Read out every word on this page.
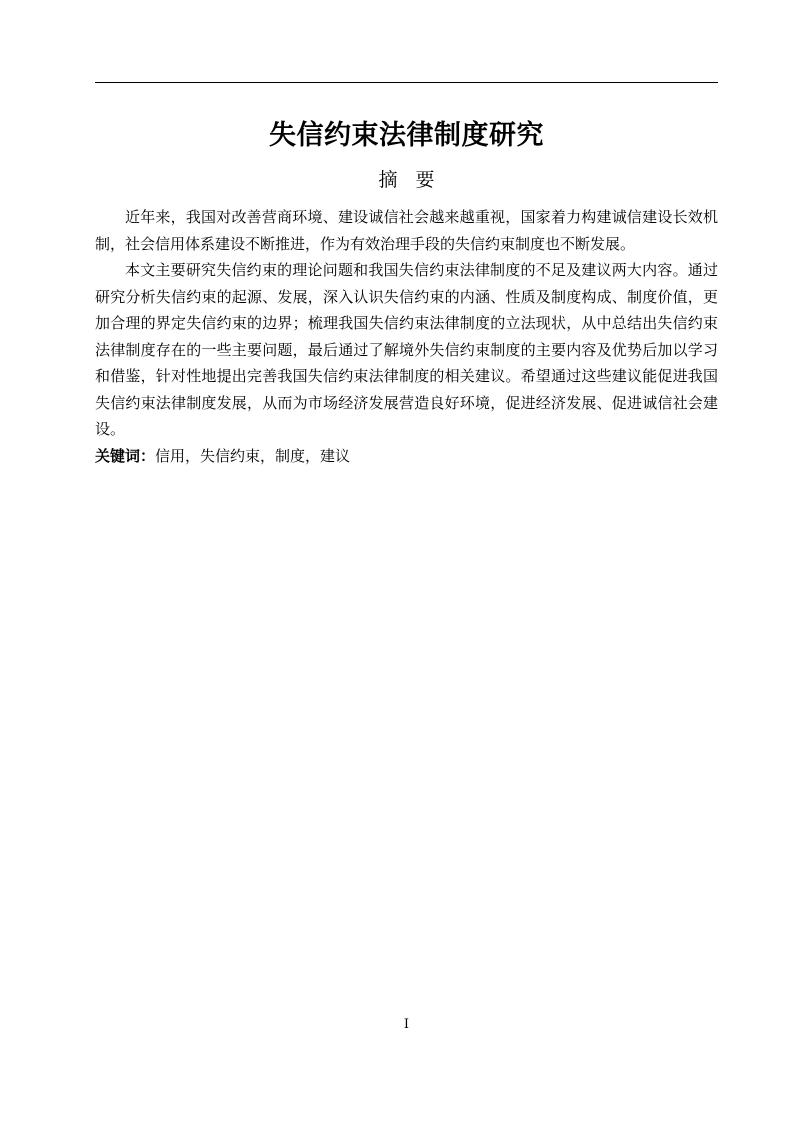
失信约束法律制度研究
摘 要

近年来，我国对改善营商环境、建设诚信社会越来越重视，国家着力构建诚信建设长效机制，社会信用体系建设不断推进，作为有效治理手段的失信约束制度也不断发展。

本文主要研究失信约束的理论问题和我国失信约束法律制度的不足及建议两大内容。通过研究分析失信约束的起源、发展，深入认识失信约束的内涵、性质及制度构成、制度价值，更加合理的界定失信约束的边界；梳理我国失信约束法律制度的立法现状，从中总结出失信约束法律制度存在的一些主要问题，最后通过了解境外失信约束制度的主要内容及优势后加以学习和借鉴，针对性地提出完善我国失信约束法律制度的相关建议。希望通过这些建议能促进我国失信约束法律制度发展，从而为市场经济发展营造良好环境，促进经济发展、促进诚信社会建设。

关键词：信用，失信约束，制度，建议

I
